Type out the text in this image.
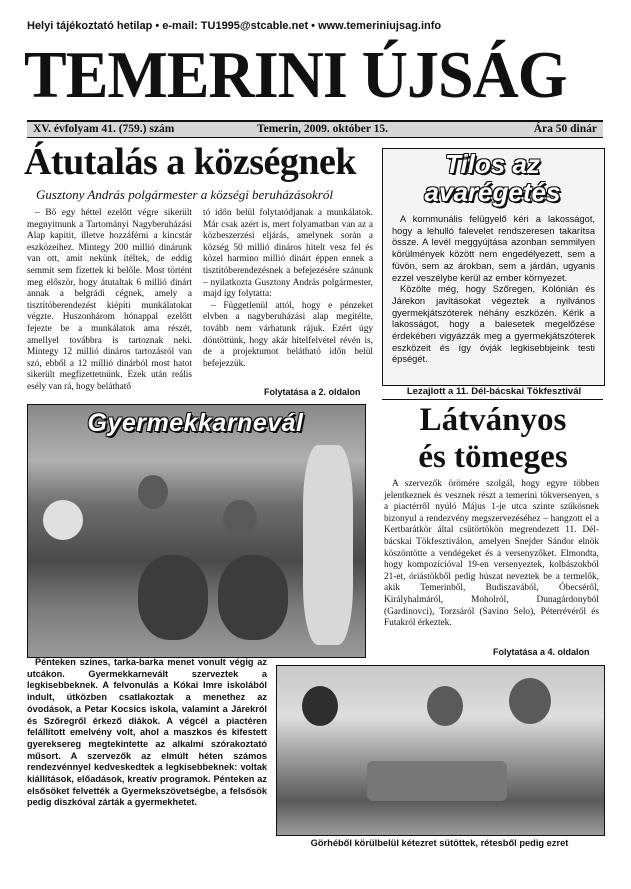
Helyi tájékoztató hetilap • e-mail: TU1995@stcable.net • www.temeriniujsag.info
TEMERINI ÚJSÁG
XV. évfolyam 41. (759.) szám	Temerin, 2009. október 15.	Ára 50 dinár
Átutalás a községnek
Gusztony András polgármester a községi beruházásokról

– Bő egy héttel ezelőtt végre sikerült megnyitnunk a Tartományi Nagyberuházási Alap kapitit, illetve hozzáférni a kincstár eszközeihez. Mintegy 200 millió dinárunk van ott, amit nekünk ítéltek, de eddig semmit sem fizettek ki belőle. Most történt meg először, hogy átutaltak 6 millió dinárt annak a belgrádi cégnek, amely a tisztítóberendezést kiépíti munkálatokat végzte. Huszonhárom hónappal ezelőtt fejezte be a munkálatok ama részét, amellyel továbbra is tartoznak neki. Mintegy 12 millió dináros tartozásról van szó, ebből a 12 millió dinárból most hatot sikerült megfizettetnünk. Ezek után reális esély van rá, hogy beláthatő

tó időn belül folytatódjanak a munkálatok. Már csak azért is, mert folyamatban van az a közbeszerzési eljárás, amelynek során a község 50 millió dináros hitelt vesz fel és közel harmino millió dinárt éppen ennek a tisztítóberendezésnek a befejezésére szánunk – nyilatkozta Gusztony András polgármester, majd így folytatta:

– Függetlenül attól, hogy e pénzeket elvben a nagyberuházási alap megítélte, tovább nem várhatunk rájuk. Ezért úgy döntöttünk, hogy akár hitelfelvétel révén is, de a projektumot belátható időn belül befejezzük.

Folytatása a 2. oldalon
Tilos az
avarégetés

A kommunális felügyelő kéri a lakosságot, hogy a lehulló falevelet rendszeresen takarítsa össze. A levél meggyújtása azonban semmilyen körülmények között nem engedélyezett, sem a füvön, sem az árokban, sem a járdán, ugyanis ezzel veszélybe kerül az ember környezet.

Közölte még, hogy Szőregen, Kolónián és Járekon javításokat végeztek a nyilvános gyermekjátszóterek néhány eszközén. Kérik a lakosságot, hogy a balesetek megelőzése érdekében vigyázzák meg a gyermekjátszóterek eszközeit és így óvják legkisebbjeink testi épségét.

Lezajlott a 11. Dél-bácskai Tökfesztivál
Látványos
és tömeges

A szervezők örömére szolgál, hogy egyre többen jelentkeznek és vesznek részt a temerini tökversenyen, s a piactérről nyúló Május 1-je utca szinte szűkösnek bizonyul a rendezvény megszervezéséhez – hangzott el a Kertbarátkör által csütörtökön megrendezett 11. Dél-bácskai Tökfesztiválon, amelyen Snejder Sándor elnök köszöntötte a vendégeket és a versenyzőket. Elmondta, hogy kompozícióval 19-en versenyeztek, kolbászokból 21-et, óriástökből pedig húszat neveztek be a termelők, akik Temerinből, Budiszavából, Óbecséről, Királyhalmáról, Moholról, Dunagárdonyból (Gardinovci), Torzsáról (Savino Selo), Péterrévéről és Futakról érkeztek.

Folytatása a 4. oldalon
Gyermekkarnevál

Pénteken színes, tarka-barka menet vonult végig az utcákon. Gyermekkarnevált szerveztek a legkisebbeknek. A felvonulás a Kókai Imre iskolából indult, útközben csatlakoztak a menethez az óvodások, a Petar Kocsics iskola, valamint a Járekról és Szőregről érkező diákok. A végcél a piactéren felállított emelvény volt, ahol a maszkos és kifestett gyereksereg megtekintette az alkalmi szórakoztató műsort. A szervezők az elmúlt héten számos rendezvénnyel kedveskedtek a legkisebbeknek: voltak kiállítások, előadások, kreatív programok. Pénteken az elsősöket felvették a Gyermekszövetségbe, a felsősök pedig diszkóval zárták a gyermekhetet.

Görhéből körülbelül kétezret sütöttek, rétesből pedig ezret
